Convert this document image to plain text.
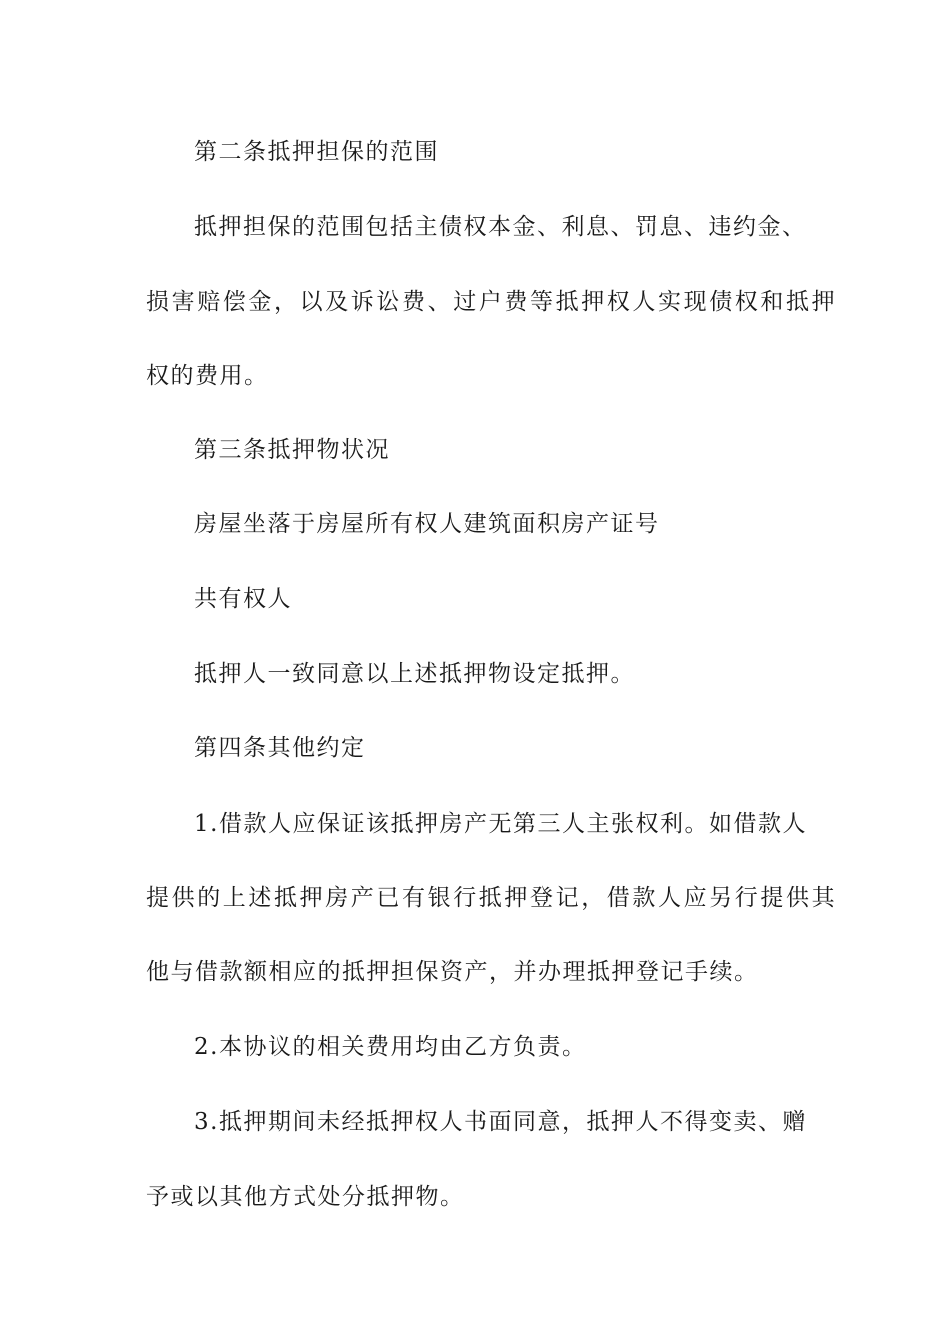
第二条抵押担保的范围
抵押担保的范围包括主债权本金、利息、罚息、违约金、
损害赔偿金，以及诉讼费、过户费等抵押权人实现债权和抵押
权的费用。
第三条抵押物状况
房屋坐落于房屋所有权人建筑面积房产证号
共有权人
抵押人一致同意以上述抵押物设定抵押。
第四条其他约定
1.借款人应保证该抵押房产无第三人主张权利。如借款人
提供的上述抵押房产已有银行抵押登记，借款人应另行提供其
他与借款额相应的抵押担保资产，并办理抵押登记手续。
2.本协议的相关费用均由乙方负责。
3.抵押期间未经抵押权人书面同意，抵押人不得变卖、赠
予或以其他方式处分抵押物。
